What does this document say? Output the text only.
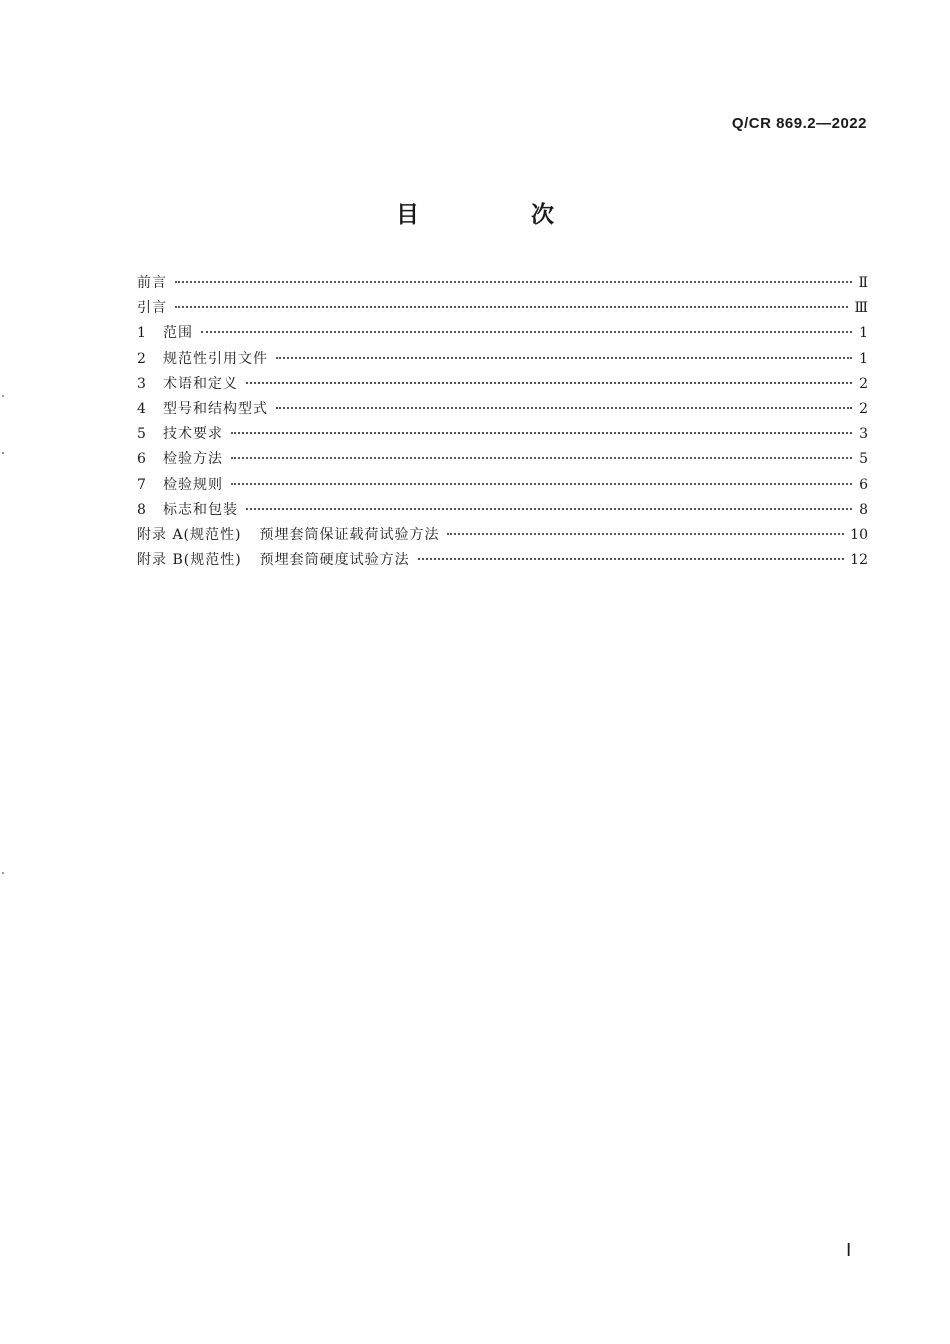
Q/CR 869.2—2022
目 次
前言	Ⅱ
引言	Ⅲ
1	范围	1
2	规范性引用文件	1
3	术语和定义	2
4	型号和结构型式	2
5	技术要求	3
6	检验方法	5
7	检验规则	6
8	标志和包装	8
附录 A(规范性) 预埋套筒保证载荷试验方法	10
附录 B(规范性) 预埋套筒硬度试验方法	12
Ⅰ
